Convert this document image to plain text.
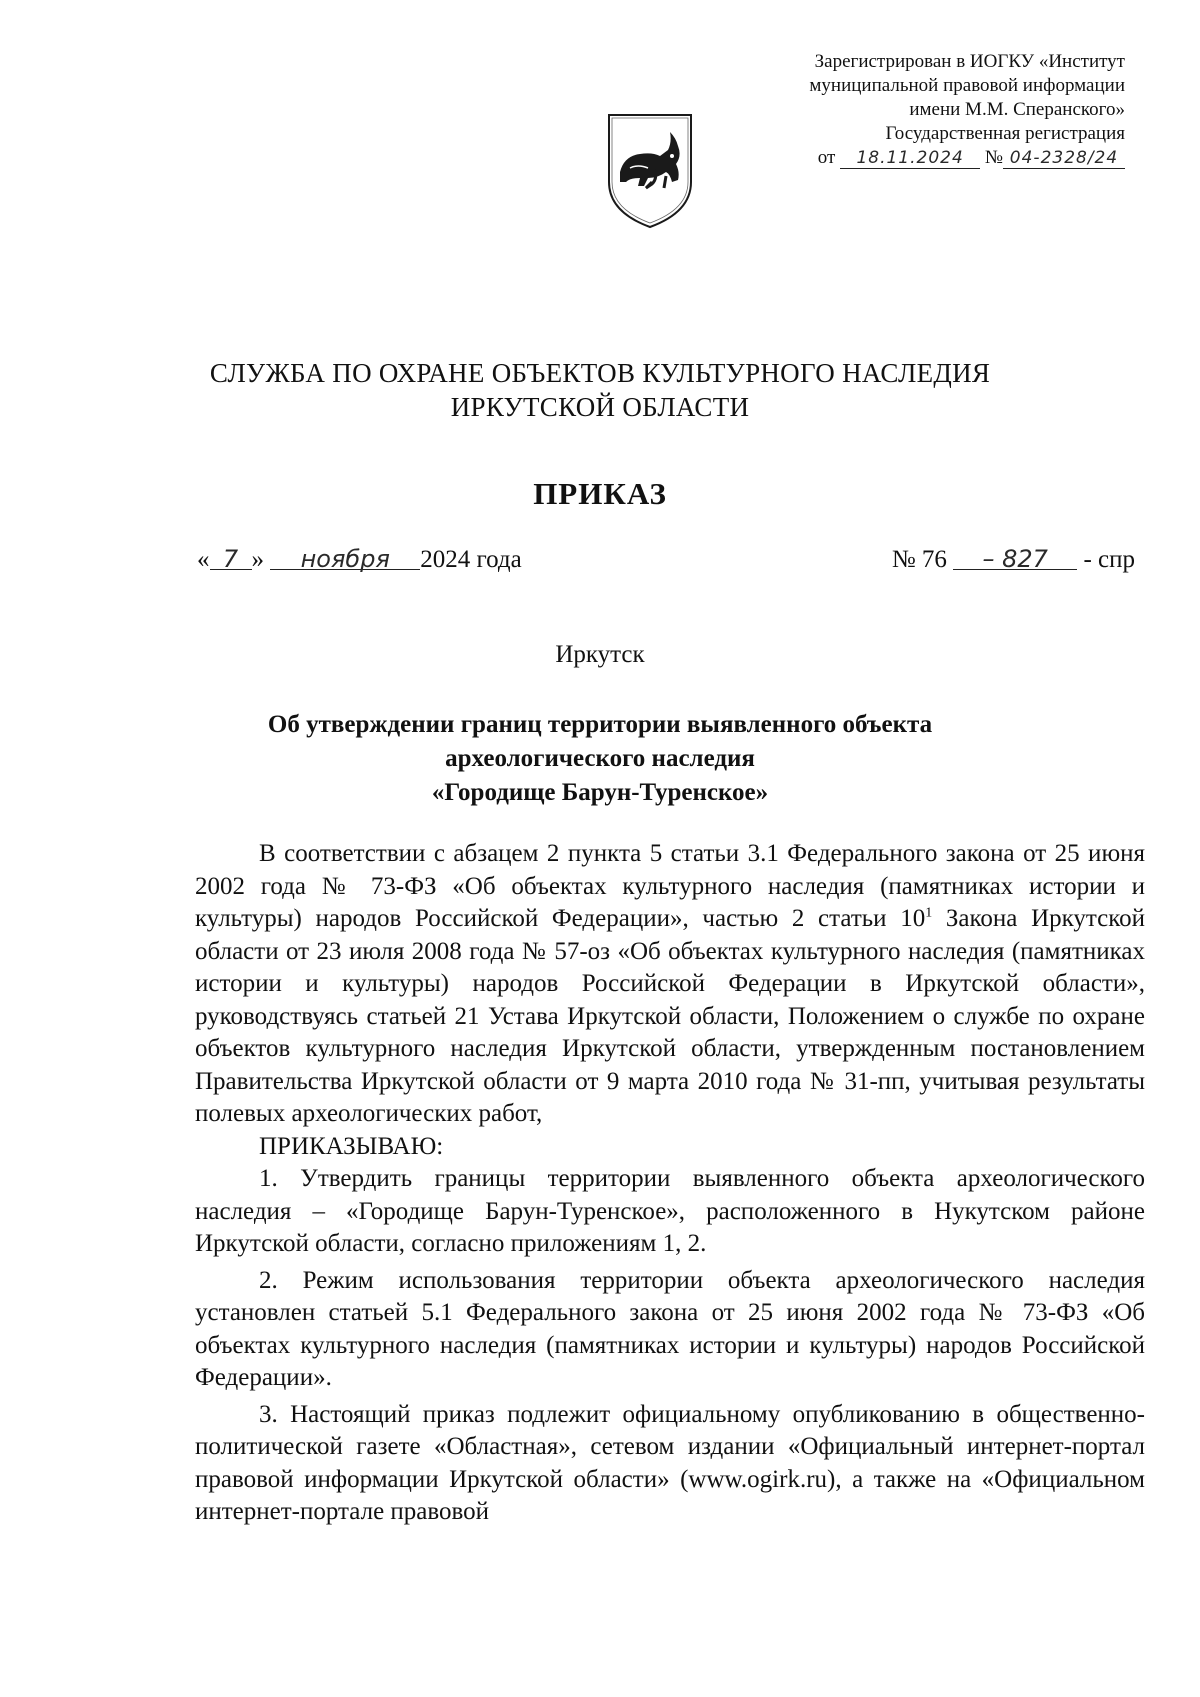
Зарегистрирован в ИОГКУ «Институт
муниципальной правовой информации
имени М.М. Сперанского»
Государственная регистрация
от 18.11.2024 № 04-2328/24
СЛУЖБА ПО ОХРАНЕ ОБЪЕКТОВ КУЛЬТУРНОГО НАСЛЕДИЯ
ИРКУТСКОЙ ОБЛАСТИ
ПРИКАЗ
« 7 » ноября 2024 года	№ 76 – 827 - спр
Иркутск
Об утверждении границ территории выявленного объекта
археологического наследия
«Городище Барун-Туренское»

В соответствии с абзацем 2 пункта 5 статьи 3.1 Федерального закона от 25 июня 2002 года № 73-ФЗ «Об объектах культурного наследия (памятниках истории и культуры) народов Российской Федерации», частью 2 статьи $10^1$ Закона Иркутской области от 23 июля 2008 года № 57-оз «Об объектах культурного наследия (памятниках истории и культуры) народов Российской Федерации в Иркутской области», руководствуясь статьей 21 Устава Иркутской области, Положением о службе по охране объектов культурного наследия Иркутской области, утвержденным постановлением Правительства Иркутской области от 9 марта 2010 года № 31-пп, учитывая результаты полевых археологических работ,

ПРИКАЗЫВАЮ:

1. Утвердить границы территории выявленного объекта археологического наследия – «Городище Барун-Туренское», расположенного в Нукутском районе Иркутской области, согласно приложениям 1, 2.

2. Режим использования территории объекта археологического наследия установлен статьей 5.1 Федерального закона от 25 июня 2002 года № 73-ФЗ «Об объектах культурного наследия (памятниках истории и культуры) народов Российской Федерации».

3. Настоящий приказ подлежит официальному опубликованию в общественно-политической газете «Областная», сетевом издании «Официальный интернет-портал правовой информации Иркутской области» (www.ogirk.ru), а также на «Официальном интернет-портале правовой
